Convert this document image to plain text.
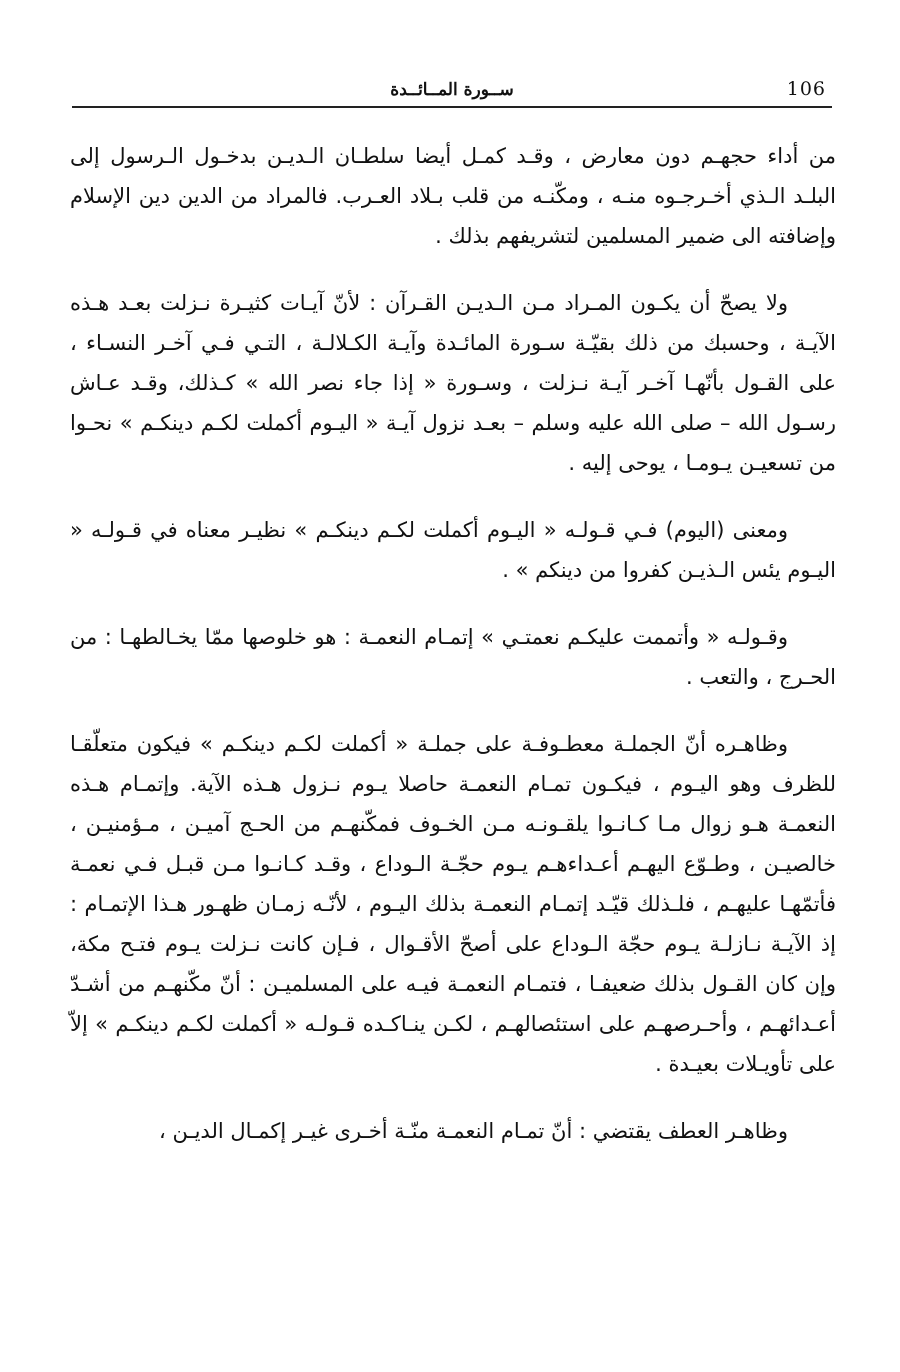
106
ســورة المــائــدة

من أداء حجهـم دون معارض ، وقـد كمـل أيضا سلطـان الـديـن بدخـول الـرسول إلى البلـد الـذي أخـرجـوه منـه ، ومكّنـه من قلب بـلاد العـرب. فالمراد من الدين دين الإسلام وإضافته الى ضمير المسلمين لتشريفهم بذلك .

ولا يصحّ أن يكـون المـراد مـن الـديـن القـرآن : لأنّ آيـات كثيـرة نـزلت بعـد هـذه الآيـة ، وحسبك من ذلك بقيّـة سـورة المائـدة وآيـة الكـلالـة ، التـي فـي آخـر النسـاء ، على القـول بأنّهـا آخـر آيـة نـزلت ، وسـورة « إذا جاء نصر الله » كـذلك، وقـد عـاش رسـول الله – صلى الله عليه وسلم – بعـد نزول آيـة « اليـوم أكملت لكـم دينكـم » نحـوا من تسعيـن يـومـا ، يوحى إليه .

ومعنى (اليوم) فـي قـولـه « اليـوم أكملت لكـم دينكـم » نظيـر معناه في قـولـه « اليـوم يئس الـذيـن كفروا من دينكم » .

وقـولـه « وأتممت عليكـم نعمتـي » إتمـام النعمـة : هو خلوصها ممّا يخـالطهـا : من الحـرج ، والتعب .

وظاهـره أنّ الجملـة معطـوفـة على جملـة « أكملت لكـم دينكـم » فيكون متعلّقـا للظرف وهو اليـوم ، فيكـون تمـام النعمـة حاصلا يـوم نـزول هـذه الآية. وإتمـام هـذه النعمـة هـو زوال مـا كـانـوا يلقـونـه مـن الخـوف فمكّنهـم من الحـج آميـن ، مـؤمنيـن ، خالصيـن ، وطـوّع اليهـم أعـداءهـم يـوم حجّـة الـوداع ، وقـد كـانـوا مـن قبـل فـي نعمـة فأتمّهـا عليهـم ، فلـذلك قيّـد إتمـام النعمـة بذلك اليـوم ، لأنّـه زمـان ظهـور هـذا الإتمـام : إذ الآيـة نـازلـة يـوم حجّة الـوداع على أصحّ الأقـوال ، فـإن كانت نـزلت يـوم فتـح مكة، وإن كان القـول بذلك ضعيفـا ، فتمـام النعمـة فيـه على المسلميـن : أنّ مكّنهـم من أشـدّ أعـدائهـم ، وأحـرصهـم على استئصالهـم ، لكـن ينـاكـده قـولـه « أكملت لكـم دينكـم » إلاّ على تأويـلات بعيـدة .

وظاهـر العطف يقتضي : أنّ تمـام النعمـة منّـة أخـرى غيـر إكمـال الديـن ،
